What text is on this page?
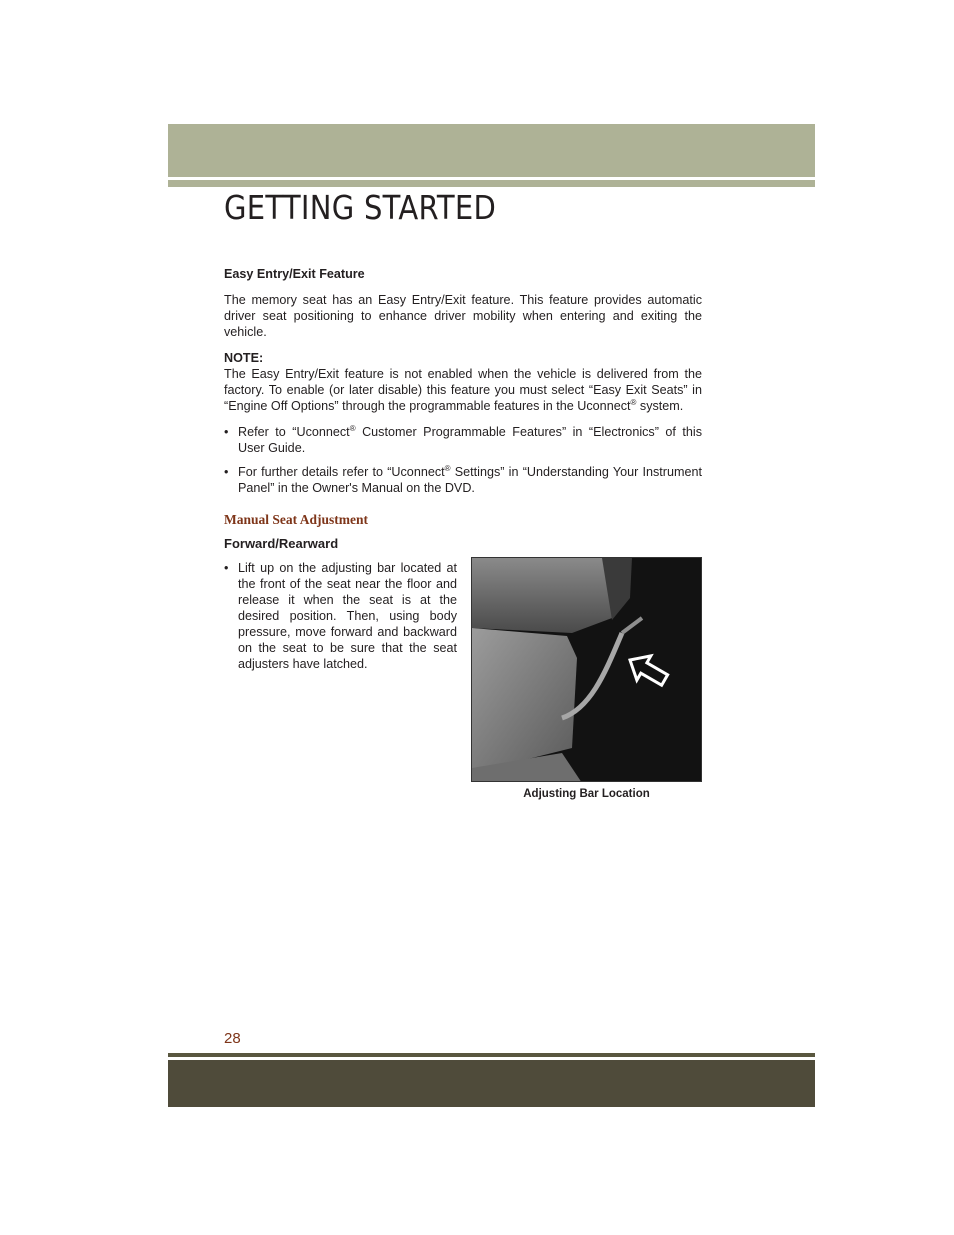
GETTING STARTED
Easy Entry/Exit Feature

The memory seat has an Easy Entry/Exit feature. This feature provides automatic driver seat positioning to enhance driver mobility when entering and exiting the vehicle.

NOTE:

The Easy Entry/Exit feature is not enabled when the vehicle is delivered from the factory. To enable (or later disable) this feature you must select “Easy Exit Seats” in “Engine Off Options” through the programmable features in the Uconnect® system.

• Refer to “Uconnect® Customer Programmable Features” in “Electronics” of this User Guide.
• For further details refer to “Uconnect® Settings” in “Understanding Your Instrument Panel” in the Owner's Manual on the DVD.
Manual Seat Adjustment
Forward/Rearward
• Lift up on the adjusting bar located at the front of the seat near the floor and release it when the seat is at the desired position. Then, using body pressure, move forward and backward on the seat to be sure that the seat adjusters have latched.
Adjusting Bar Location
28
